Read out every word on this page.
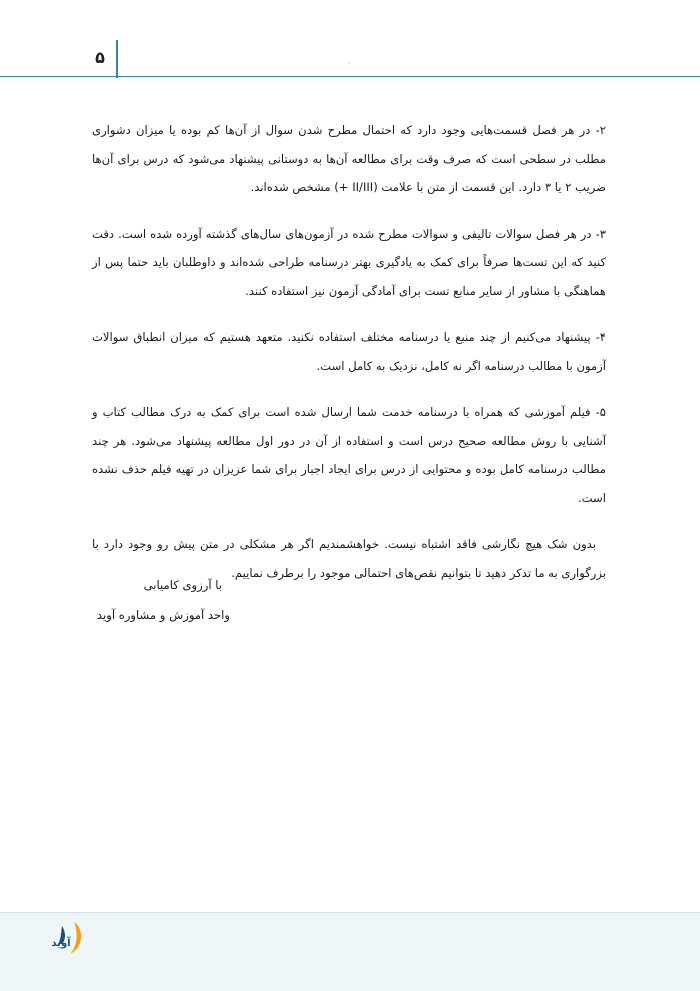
۵	.

۲- در هر فصل قسمت‌هایی وجود دارد که احتمال مطرح شدن سوال از آن‌ها کم بوده یا میزان دشواری مطلب در سطحی است که صرف وقت برای مطالعه آن‌ها به دوستانی پیشنهاد می‌شود که درس برای آن‌ها ضریب ۲ یا ۳ دارد. این قسمت از متن با علامت (II/III +) مشخص شده‌اند.

۳- در هر فصل سوالات تالیفی و سوالات مطرح شده در آزمون‌های سال‌های گذشته آورده شده است. دقت کنید که این تست‌ها صرفاً برای کمک به یادگیری بهتر درسنامه طراحی شده‌اند و داوطلبان باید حتما پس از هماهنگی با مشاور از سایر منابع تست برای آمادگی آزمون نیز استفاده کنند.

۴- پیشنهاد می‌کنیم از چند منبع یا درسنامه مختلف استفاده نکنید. متعهد هستیم که میزان انطباق سوالات آزمون با مطالب درسنامه اگر نه کامل، نزدیک به کامل است.

۵- فیلم آموزشی که همراه با درسنامه خدمت شما ارسال شده است برای کمک به درک مطالب کتاب و آشنایی با روش مطالعه صحیح درس است و استفاده از آن در دور اول مطالعه پیشنهاد می‌شود. هر چند مطالب درسنامه کامل بوده و محتوایی از درس برای ایجاد اجبار برای شما عزیزان در تهیه فیلم حذف نشده است.

بدون شک هیچ نگارشی فاقد اشتباه نیست. خواهشمندیم اگر هر مشکلی در متن پیش رو وجود دارد با بزرگواری به ما تذکر دهید تا بتوانیم نقص‌های احتمالی موجود را برطرف نماییم.

با آرزوی کامیابی
واحد آموزش و مشاوره آوید
آوید
